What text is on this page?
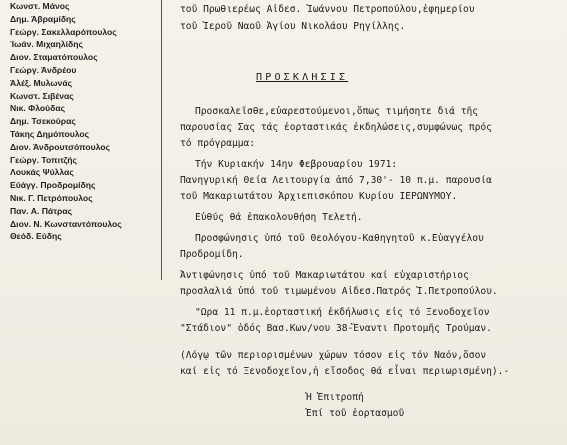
Κωνστ. Μάνος
Δημ. Άβραμίδης
Γεώργ. Σακελλαρόπουλος
Ίωάν. Μιχαηλίδης
Διον. Σταματόπουλος
Γεώργ. Άνδρέου
Άλέξ. Μυλωνάς
Κωνστ. Σιβένας
Νικ. Φλούδας
Δημ. Τσεκούρας
Τάκης Δημόπουλος
Διον. Άνδρουτσόπουλος
Γεώργ. Τοπιτζής
Λουκάς Ψύλλας
Εύάγγ. Προδρομίδης
Νικ. Γ. Πετρόπουλος
Παν. Α. Πάτρας
Διον. Ν. Κωνσταντόπουλος
Θεόδ. Εύδης
τοῦ Πρωθιερέως Αἰδεσ. Ἰωάννου Πετροπούλου,ἐφημερίου
τοῦ Ἱεροῦ Ναοῦ Ἁγίου Νικολάου Ρηγίλλης.
ΠΡΟΣΚΛΗΣΙΣ
Προσκαλεῖσθε,εὐαρεστούμενοι,ὅπως τιμήσητε διά τῆς
παρουσίας Σας τάς ἑορταστικάς ἐκδηλώσεις,συμφώνως πρός
τό πρόγραμμα:
Τήν Κυριακήν 14ην Φεβρουαρίου 1971:
Πανηγυρική Θεία Λειτουργία ἀπό 7,30'- 10 π.μ. παρουσία
τοῦ Μακαριωτάτου Ἀρχιεπισκόπου Κυρίου ΙΕΡΩΝΥΜΟΥ.
Εὐθύς θά ἐπακολουθήση Τελετή.
Προσφώνησις ὑπό τοῦ Θεολόγου-Καθηγητοῦ κ.Εὐαγγέλου
Προδρομίδη.
Ἀντιφώνησις ὑπό τοῦ Μακαριωτάτου καί εὐχαριστήριος
προσλαλιά ὑπό τοῦ τιμωμένου Αἰδεσ.Πατρός Ἰ.Πετροπούλου.
"Ωρα 11 π.μ.ἑορταστική ἐκδήλωσις εἰς τό Ξενοδοχεῖον
"Στάδιον" ὁδός Βασ.Κων/νου 38-Ἔναντι Προτομῆς Τρούμαν.
(Λόγῳ τῶν περιορισμένων χώρων τόσον εἰς τόν Ναόν,ὅσον
καί εἰς τό Ξενοδοχεῖον,ἡ εἴσοδος θά εἶναι περιωρισμένη).-
Ἡ Ἐπιτροπή
Ἐπί τοῦ ἑορτασμοῦ
